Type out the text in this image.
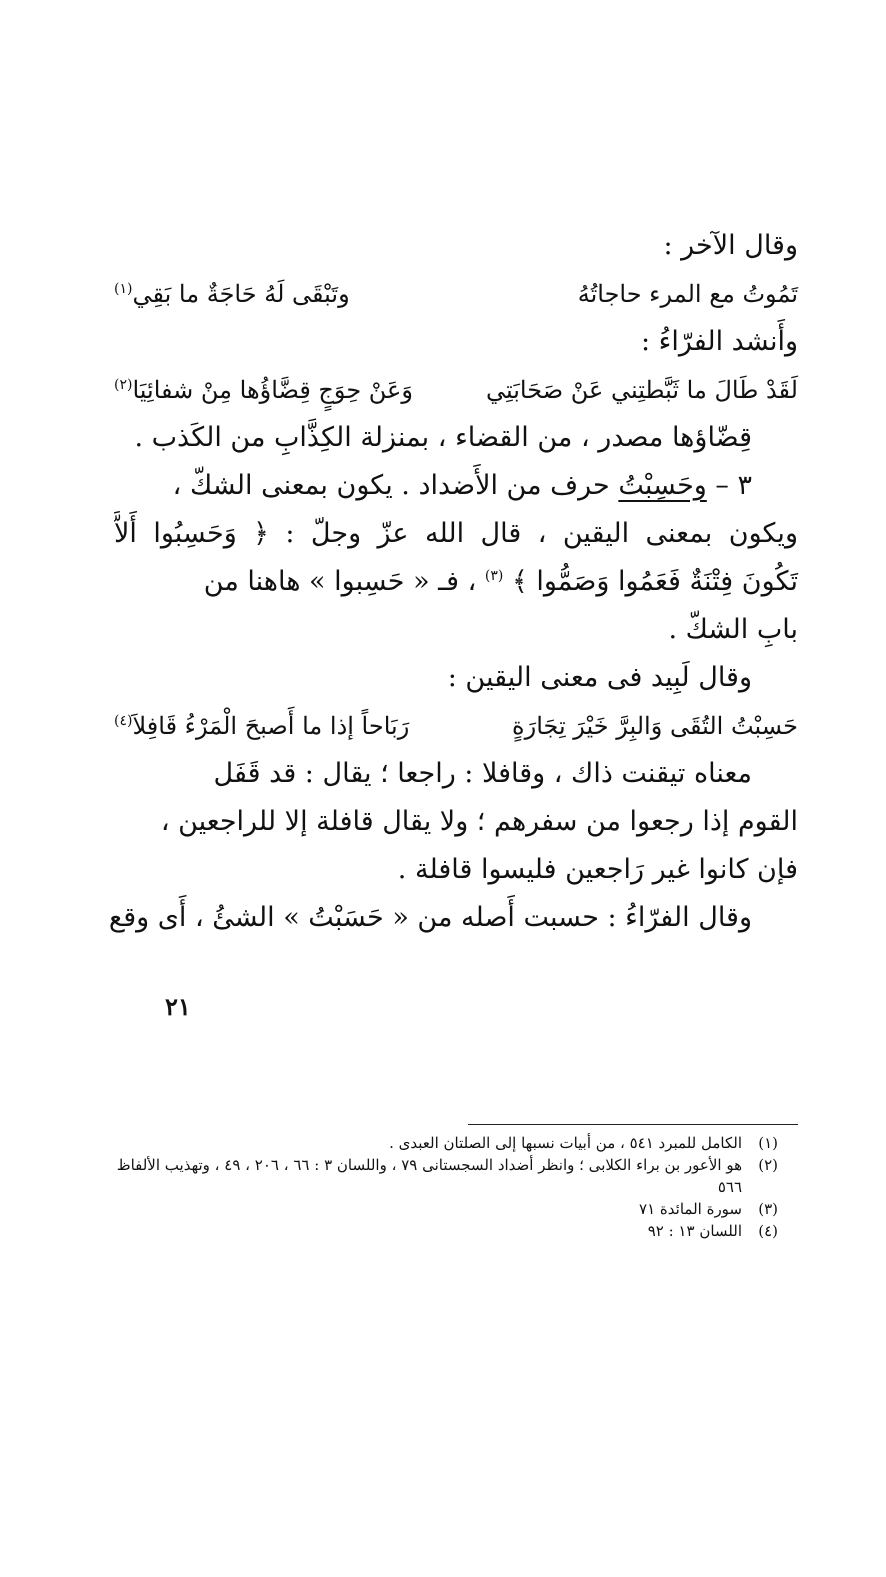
وقال الآخر :
تَمُوتُ مع المرء حاجاتُهُ
وتَبْقَى لَهُ حَاجَةٌ ما بَقِي$^{(١)}$
وأَنشد الفرّاءُ :
لَقَدْ طَالَ ما ثَبَّطتِني عَنْ صَحَابَتِي
وَعَنْ حِوَجٍ قِضَّاؤُها مِنْ شفائِيَا$^{(٢)}$
قِضّاؤها مصدر ، من القضاء ، بمنزلة الكِذَّابِ من الكَذب .
٣ – وحَسِبْتُ حرف من الأَضداد . يكون بمعنى الشكّ ،
ويكون بمعنى اليقين ، قال الله عزّ وجلّ : ﴿ وَحَسِبُوا أَلاَّ
تَكُونَ فِتْنَةٌ فَعَمُوا وَصَمُّوا ﴾ $^{(٣)}$ ، فـ « حَسِبوا » هاهنا من
بابِ الشكّ .
وقال لَبِيد فى معنى اليقين :
حَسِبْتُ التُقَى وَالبِرَّ خَيْرَ تِجَارَةٍ
رَبَاحاً إذا ما أَصبحَ الْمَرْءُ قَافِلاَ$^{(٤)}$
معناه تيقنت ذاك ، وقافلا : راجعا ؛ يقال : قد قَفَل
القوم إذا رجعوا من سفرهم ؛ ولا يقال قافلة إلا للراجعين ،
فإن كانوا غير رَاجعين فليسوا قافلة .
وقال الفرّاءُ : حسبت أَصله من « حَسَبْتُ » الشئُ ، أَى وقع
(١)
الكامل للمبرد ٥٤١ ، من أبيات نسبها إلى الصلتان العبدى .
(٢)
هو الأعور بن براء الكلابى ؛ وانظر أضداد السجستانى ٧٩ ، واللسان ٣ : ٦٦ ، ٢٠٦ ، ٤٩ ، وتهذيب الألفاظ ٥٦٦
(٣)
سورة المائدة ٧١
(٤)
اللسان ١٣ : ٩٢
٢١
